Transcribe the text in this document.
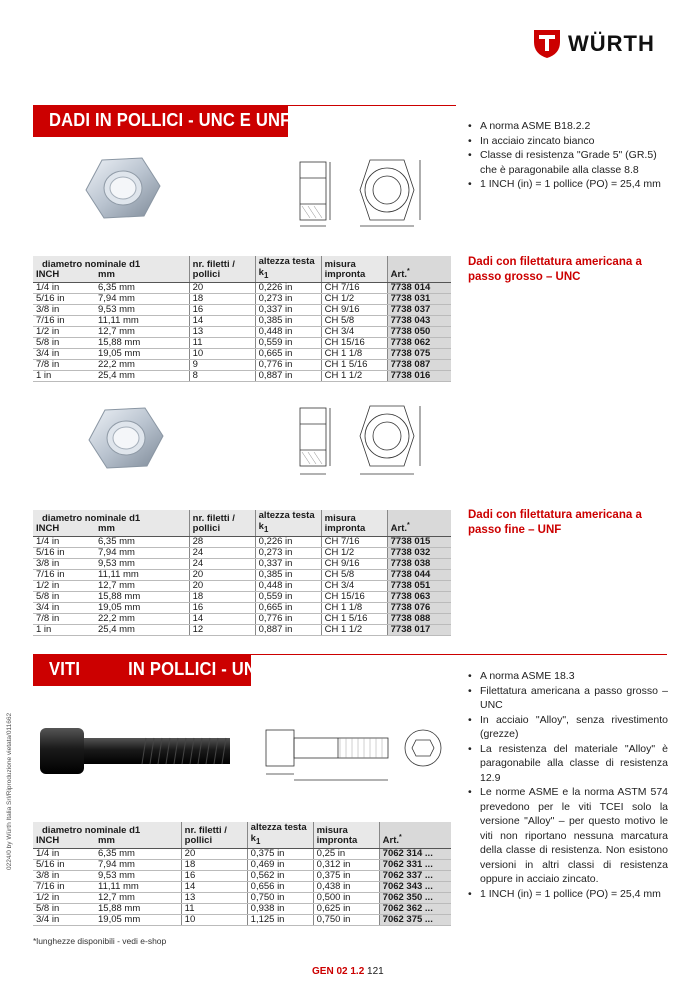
WÜRTH
DADI IN POLLICI - UNC E UNF	• A norma ASME B18.2.2
• In acciaio zincato bianco
• Classe di resistenza "Grade 5" (GR.5) che è paragonabile alla classe 8.8
• 1 INCH (in) = 1 pollice (PO) = 25,4 mm
diametro nominale d1
INCH mm		nr. filetti / pollici	altezza testa $k_1$	misura impronta	Art.*
1/4 in	6,35 mm	20	0,226 in	CH 7/16	7738 014
5/16 in	7,94 mm	18	0,273 in	CH 1/2	7738 031
3/8 in	9,53 mm	16	0,337 in	CH 9/16	7738 037
7/16 in	11,11 mm	14	0,385 in	CH 5/8	7738 043
1/2 in	12,7 mm	13	0,448 in	CH 3/4	7738 050
5/8 in	15,88 mm	11	0,559 in	CH 15/16	7738 062
3/4 in	19,05 mm	10	0,665 in	CH 1 1/8	7738 075
7/8 in	22,2 mm	9	0,776 in	CH 1 5/16	7738 087
1 in	25,4 mm	8	0,887 in	CH 1 1/2	7738 016
Dadi con filettatura americana a passo grosso – UNC
diametro nominale d1
INCH mm		nr. filetti / pollici	altezza testa $k_1$	misura impronta	Art.*
1/4 in	6,35 mm	28	0,226 in	CH 7/16	7738 015
5/16 in	7,94 mm	24	0,273 in	CH 1/2	7738 032
3/8 in	9,53 mm	24	0,337 in	CH 9/16	7738 038
7/16 in	11,11 mm	20	0,385 in	CH 5/8	7738 044
1/2 in	12,7 mm	20	0,448 in	CH 3/4	7738 051
5/8 in	15,88 mm	18	0,559 in	CH 15/16	7738 063
3/4 in	19,05 mm	16	0,665 in	CH 1 1/8	7738 076
7/8 in	22,2 mm	14	0,776 in	CH 1 5/16	7738 088
1 in	25,4 mm	12	0,887 in	CH 1 1/2	7738 017
Dadi con filettatura americana a passo fine – UNF
VITI TCEI IN POLLICI - UNC	• A norma ASME 18.3
• Filettatura americana a passo grosso – UNC
• In acciaio "Alloy", senza rivestimento (grezze)
• La resistenza del materiale "Alloy" è paragonabile alla classe di resistenza 12.9
• Le norme ASME e la norma ASTM 574 prevedono per le viti TCEI solo la versione "Alloy" – per questo motivo le viti non riportano nessuna marcatura della classe di resistenza. Non esistono versioni in altri classi di resistenza oppure in acciaio zincato.
• 1 INCH (in) = 1 pollice (PO) = 25,4 mm
diametro nominale d1
INCH mm		nr. filetti / pollici	altezza testa $k_1$	misura impronta	Art.*
1/4 in	6,35 mm	20	0,375 in	0,25 in	7062 314 ...
5/16 in	7,94 mm	18	0,469 in	0,312 in	7062 331 ...
3/8 in	9,53 mm	16	0,562 in	0,375 in	7062 337 ...
7/16 in	11,11 mm	14	0,656 in	0,438 in	7062 343 ...
1/2 in	12,7 mm	13	0,750 in	0,500 in	7062 350 ...
5/8 in	15,88 mm	11	0,938 in	0,625 in	7062 362 ...
3/4 in	19,05 mm	10	1,125 in	0,750 in	7062 375 ...
*lunghezze disponibili - vedi e-shop
0224/0 by Würth Italia Srl/Riproduzione vietata/011662
GEN 02 1.2 121
